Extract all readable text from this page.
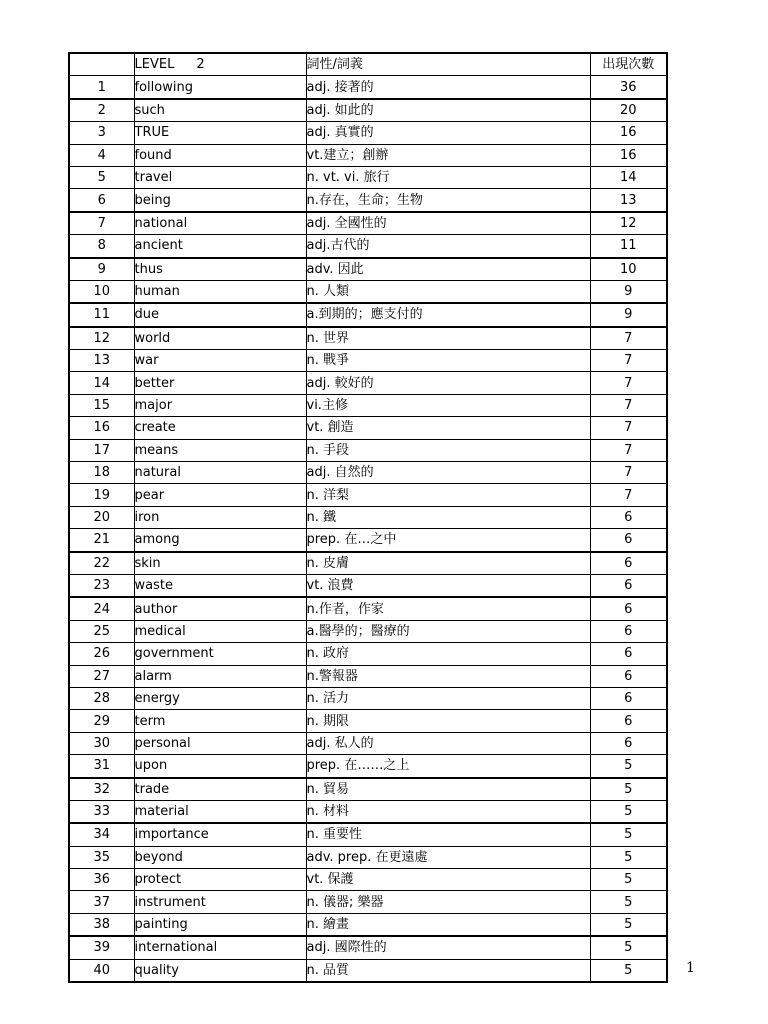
	LEVEL 2	詞性/詞義	出現次數
1	following	adj. 接著的	36
2	such	adj. 如此的	20
3	TRUE	adj. 真實的	16
4	found	vt.建立；創辦	16
5	travel	n. vt. vi. 旅行	14
6	being	n.存在，生命；生物	13
7	national	adj. 全國性的	12
8	ancient	adj.古代的	11
9	thus	adv. 因此	10
10	human	n. 人類	9
11	due	a.到期的；應支付的	9
12	world	n. 世界	7
13	war	n. 戰爭	7
14	better	adj. 較好的	7
15	major	vi.主修	7
16	create	vt. 創造	7
17	means	n. 手段	7
18	natural	adj. 自然的	7
19	pear	n. 洋梨	7
20	iron	n. 鐵	6
21	among	prep. 在…之中	6
22	skin	n. 皮膚	6
23	waste	vt. 浪費	6
24	author	n.作者，作家	6
25	medical	a.醫學的；醫療的	6
26	government	n. 政府	6
27	alarm	n.警報器	6
28	energy	n. 活力	6
29	term	n. 期限	6
30	personal	adj. 私人的	6
31	upon	prep. 在……之上	5
32	trade	n. 貿易	5
33	material	n. 材料	5
34	importance	n. 重要性	5
35	beyond	adv. prep. 在更遠處	5
36	protect	vt. 保護	5
37	instrument	n. 儀器; 樂器	5
38	painting	n. 繪畫	5
39	international	adj. 國際性的	5
40	quality	n. 品質	5	1
